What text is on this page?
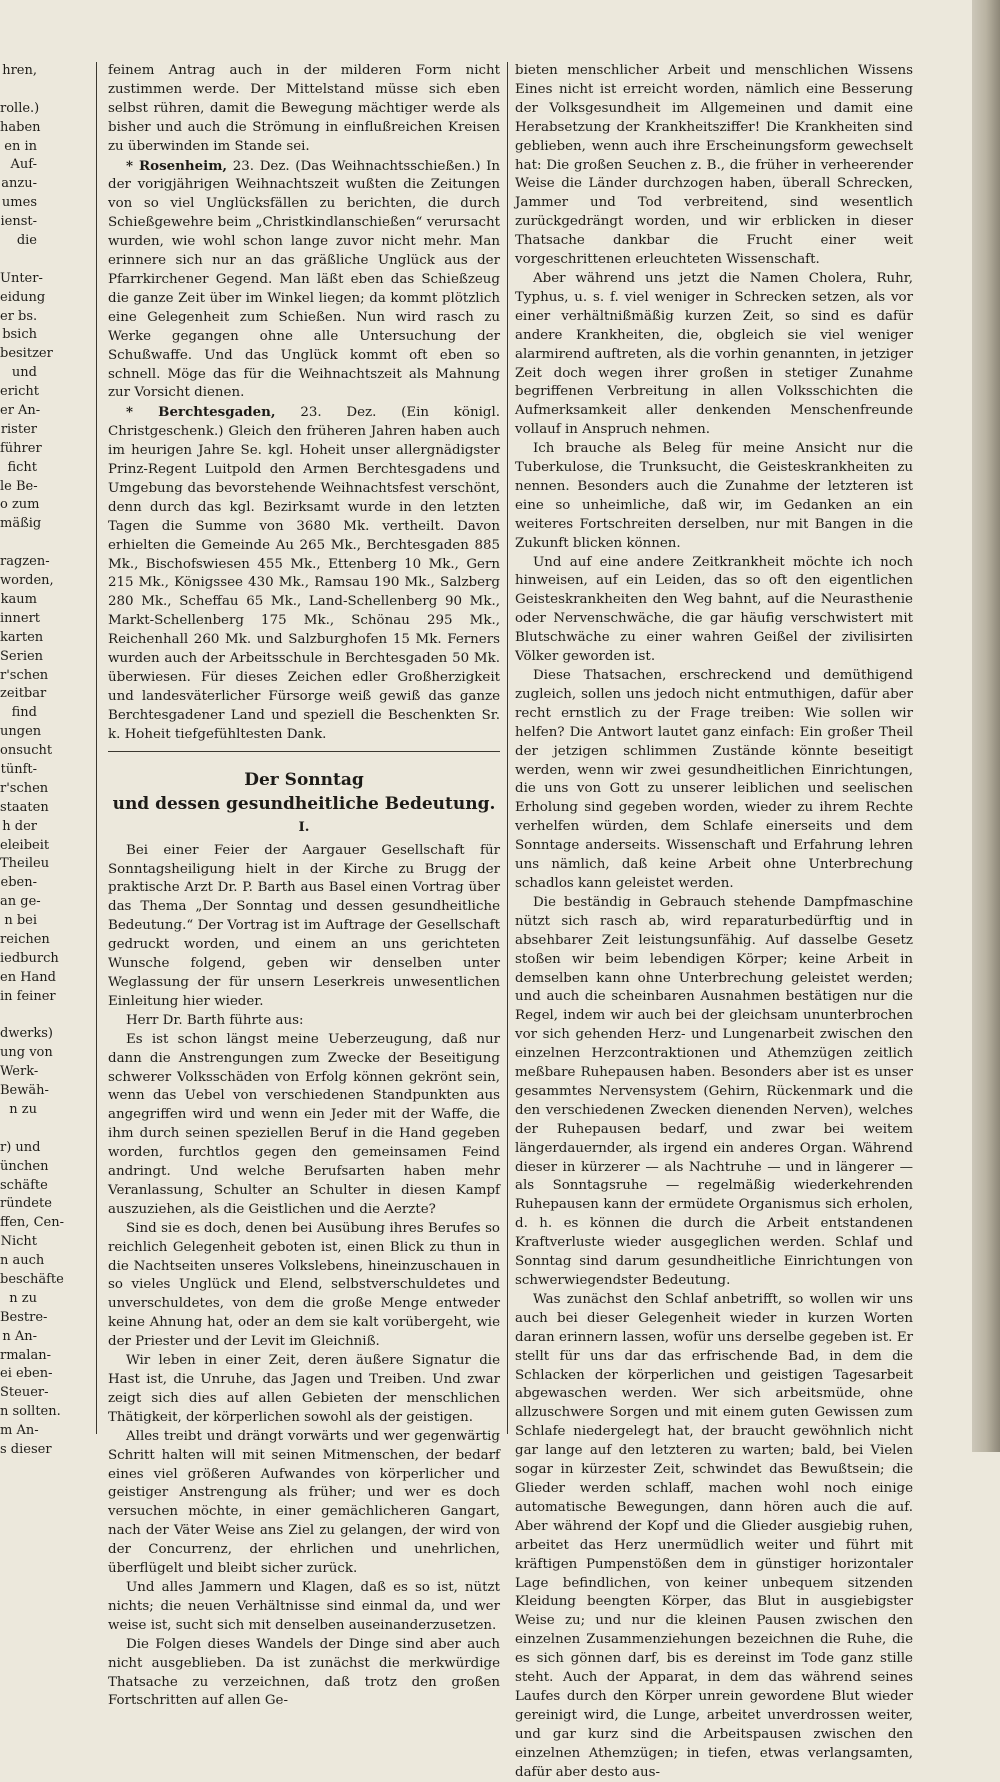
hren,
rolle.)
haben
en in
Auf-
anzu-
umes
ienst-
die
Unter-
eidung
er bs.
bsich
besitzer
und
ericht
er An-
rister
führer
ficht
le Be-
o zum
mäßig
ragzen-
worden,
kaum
innert
karten
Serien
r'schen
zeitbar
find
ungen
onsucht
tünft-
r'schen
staaten
h der
eleibeit
Theileu
eben-
an ge-
n bei
reichen
iedburch
en Hand
in feiner
dwerks)
ung von
Werk-
Bewäh-
n zu
r) und
ünchen
schäfte
ründete
ffen, Cen-
Nicht
n auch
beschäfte
n zu
Bestre-
n An-
rmalan-
ei eben-
Steuer-
n sollten.
m An-
s dieser

feinem Antrag auch in der milderen Form nicht zustimmen werde. Der Mittelstand müsse sich eben selbst rühren, damit die Bewegung mächtiger werde als bisher und auch die Strömung in einflußreichen Kreisen zu überwinden im Stande sei.

* Rosenheim, 23. Dez. (Das Weihnachtsschießen.) In der vorigjährigen Weihnachtszeit wußten die Zeitungen von so viel Unglücksfällen zu berichten, die durch Schießgewehre beim „Christkindlanschießen“ verursacht wurden, wie wohl schon lange zuvor nicht mehr. Man erinnere sich nur an das gräßliche Unglück aus der Pfarrkirchener Gegend. Man läßt eben das Schießzeug die ganze Zeit über im Winkel liegen; da kommt plötzlich eine Gelegenheit zum Schießen. Nun wird rasch zu Werke gegangen ohne alle Untersuchung der Schußwaffe. Und das Unglück kommt oft eben so schnell. Möge das für die Weihnachtszeit als Mahnung zur Vorsicht dienen.

* Berchtesgaden, 23. Dez. (Ein königl. Christgeschenk.) Gleich den früheren Jahren haben auch im heurigen Jahre Se. kgl. Hoheit unser allergnädigster Prinz-Regent Luitpold den Armen Berchtesgadens und Umgebung das bevorstehende Weihnachtsfest verschönt, denn durch das kgl. Bezirksamt wurde in den letzten Tagen die Summe von 3680 Mk. vertheilt. Davon erhielten die Gemeinde Au 265 Mk., Berchtesgaden 885 Mk., Bischofswiesen 455 Mk., Ettenberg 10 Mk., Gern 215 Mk., Königssee 430 Mk., Ramsau 190 Mk., Salzberg 280 Mk., Scheffau 65 Mk., Land-Schellenberg 90 Mk., Markt-Schellenberg 175 Mk., Schönau 295 Mk., Reichenhall 260 Mk. und Salzburghofen 15 Mk. Ferners wurden auch der Arbeitsschule in Berchtesgaden 50 Mk. überwiesen. Für dieses Zeichen edler Großherzigkeit und landesväterlicher Fürsorge weiß gewiß das ganze Berchtesgadener Land und speziell die Beschenkten Sr. k. Hoheit tiefgefühltesten Dank.

Der Sonntag
und dessen gesundheitliche Bedeutung.
I.

Bei einer Feier der Aargauer Gesellschaft für Sonntagsheiligung hielt in der Kirche zu Brugg der praktische Arzt Dr. P. Barth aus Basel einen Vortrag über das Thema „Der Sonntag und dessen gesundheitliche Bedeutung.“ Der Vortrag ist im Auftrage der Gesellschaft gedruckt worden, und einem an uns gerichteten Wunsche folgend, geben wir denselben unter Weglassung der für unsern Leserkreis unwesentlichen Einleitung hier wieder.

Herr Dr. Barth führte aus:

Es ist schon längst meine Ueberzeugung, daß nur dann die Anstrengungen zum Zwecke der Beseitigung schwerer Volksschäden von Erfolg können gekrönt sein, wenn das Uebel von verschiedenen Standpunkten aus angegriffen wird und wenn ein Jeder mit der Waffe, die ihm durch seinen speziellen Beruf in die Hand gegeben worden, furchtlos gegen den gemeinsamen Feind andringt. Und welche Berufsarten haben mehr Veranlassung, Schulter an Schulter in diesen Kampf auszuziehen, als die Geistlichen und die Aerzte?

Sind sie es doch, denen bei Ausübung ihres Berufes so reichlich Gelegenheit geboten ist, einen Blick zu thun in die Nachtseiten unseres Volkslebens, hineinzuschauen in so vieles Unglück und Elend, selbstverschuldetes und unverschuldetes, von dem die große Menge entweder keine Ahnung hat, oder an dem sie kalt vorübergeht, wie der Priester und der Levit im Gleichniß.

Wir leben in einer Zeit, deren äußere Signatur die Hast ist, die Unruhe, das Jagen und Treiben. Und zwar zeigt sich dies auf allen Gebieten der menschlichen Thätigkeit, der körperlichen sowohl als der geistigen.

Alles treibt und drängt vorwärts und wer gegenwärtig Schritt halten will mit seinen Mitmenschen, der bedarf eines viel größeren Aufwandes von körperlicher und geistiger Anstrengung als früher; und wer es doch versuchen möchte, in einer gemächlicheren Gangart, nach der Väter Weise ans Ziel zu gelangen, der wird von der Concurrenz, der ehrlichen und unehrlichen, überflügelt und bleibt sicher zurück.

Und alles Jammern und Klagen, daß es so ist, nützt nichts; die neuen Verhältnisse sind einmal da, und wer weise ist, sucht sich mit denselben auseinanderzusetzen.

Die Folgen dieses Wandels der Dinge sind aber auch nicht ausgeblieben. Da ist zunächst die merkwürdige Thatsache zu verzeichnen, daß trotz den großen Fortschritten auf allen Ge-

bieten menschlicher Arbeit und menschlichen Wissens Eines nicht ist erreicht worden, nämlich eine Besserung der Volksgesundheit im Allgemeinen und damit eine Herabsetzung der Krankheitsziffer! Die Krankheiten sind geblieben, wenn auch ihre Erscheinungsform gewechselt hat: Die großen Seuchen z. B., die früher in verheerender Weise die Länder durchzogen haben, überall Schrecken, Jammer und Tod verbreitend, sind wesentlich zurückgedrängt worden, und wir erblicken in dieser Thatsache dankbar die Frucht einer weit vorgeschrittenen erleuchteten Wissenschaft.

Aber während uns jetzt die Namen Cholera, Ruhr, Typhus, u. s. f. viel weniger in Schrecken setzen, als vor einer verhältnißmäßig kurzen Zeit, so sind es dafür andere Krankheiten, die, obgleich sie viel weniger alarmirend auftreten, als die vorhin genannten, in jetziger Zeit doch wegen ihrer großen in stetiger Zunahme begriffenen Verbreitung in allen Volksschichten die Aufmerksamkeit aller denkenden Menschenfreunde vollauf in Anspruch nehmen.

Ich brauche als Beleg für meine Ansicht nur die Tuberkulose, die Trunksucht, die Geisteskrankheiten zu nennen. Besonders auch die Zunahme der letzteren ist eine so unheimliche, daß wir, im Gedanken an ein weiteres Fortschreiten derselben, nur mit Bangen in die Zukunft blicken können.

Und auf eine andere Zeitkrankheit möchte ich noch hinweisen, auf ein Leiden, das so oft den eigentlichen Geisteskrankheiten den Weg bahnt, auf die Neurasthenie oder Nervenschwäche, die gar häufig verschwistert mit Blutschwäche zu einer wahren Geißel der zivilisirten Völker geworden ist.

Diese Thatsachen, erschreckend und demüthigend zugleich, sollen uns jedoch nicht entmuthigen, dafür aber recht ernstlich zu der Frage treiben: Wie sollen wir helfen? Die Antwort lautet ganz einfach: Ein großer Theil der jetzigen schlimmen Zustände könnte beseitigt werden, wenn wir zwei gesundheitlichen Einrichtungen, die uns von Gott zu unserer leiblichen und seelischen Erholung sind gegeben worden, wieder zu ihrem Rechte verhelfen würden, dem Schlafe einerseits und dem Sonntage anderseits. Wissenschaft und Erfahrung lehren uns nämlich, daß keine Arbeit ohne Unterbrechung schadlos kann geleistet werden.

Die beständig in Gebrauch stehende Dampfmaschine nützt sich rasch ab, wird reparaturbedürftig und in absehbarer Zeit leistungsunfähig. Auf dasselbe Gesetz stoßen wir beim lebendigen Körper; keine Arbeit in demselben kann ohne Unterbrechung geleistet werden; und auch die scheinbaren Ausnahmen bestätigen nur die Regel, indem wir auch bei der gleichsam ununterbrochen vor sich gehenden Herz- und Lungenarbeit zwischen den einzelnen Herzcontraktionen und Athemzügen zeitlich meßbare Ruhepausen haben. Besonders aber ist es unser gesammtes Nervensystem (Gehirn, Rückenmark und die den verschiedenen Zwecken dienenden Nerven), welches der Ruhepausen bedarf, und zwar bei weitem längerdauernder, als irgend ein anderes Organ. Während dieser in kürzerer — als Nachtruhe — und in längerer — als Sonntagsruhe — regelmäßig wiederkehrenden Ruhepausen kann der ermüdete Organismus sich erholen, d. h. es können die durch die Arbeit entstandenen Kraftverluste wieder ausgeglichen werden. Schlaf und Sonntag sind darum gesundheitliche Einrichtungen von schwerwiegendster Bedeutung.

Was zunächst den Schlaf anbetrifft, so wollen wir uns auch bei dieser Gelegenheit wieder in kurzen Worten daran erinnern lassen, wofür uns derselbe gegeben ist. Er stellt für uns dar das erfrischende Bad, in dem die Schlacken der körperlichen und geistigen Tagesarbeit abgewaschen werden. Wer sich arbeitsmüde, ohne allzuschwere Sorgen und mit einem guten Gewissen zum Schlafe niedergelegt hat, der braucht gewöhnlich nicht gar lange auf den letzteren zu warten; bald, bei Vielen sogar in kürzester Zeit, schwindet das Bewußtsein; die Glieder werden schlaff, machen wohl noch einige automatische Bewegungen, dann hören auch die auf. Aber während der Kopf und die Glieder ausgiebig ruhen, arbeitet das Herz unermüdlich weiter und führt mit kräftigen Pumpenstößen dem in günstiger horizontaler Lage befindlichen, von keiner unbequem sitzenden Kleidung beengten Körper, das Blut in ausgiebigster Weise zu; und nur die kleinen Pausen zwischen den einzelnen Zusammenziehungen bezeichnen die Ruhe, die es sich gönnen darf, bis es dereinst im Tode ganz stille steht. Auch der Apparat, in dem das während seines Laufes durch den Körper unrein gewordene Blut wieder gereinigt wird, die Lunge, arbeitet unverdrossen weiter, und gar kurz sind die Arbeitspausen zwischen den einzelnen Athemzügen; in tiefen, etwas verlangsamten, dafür aber desto aus-
